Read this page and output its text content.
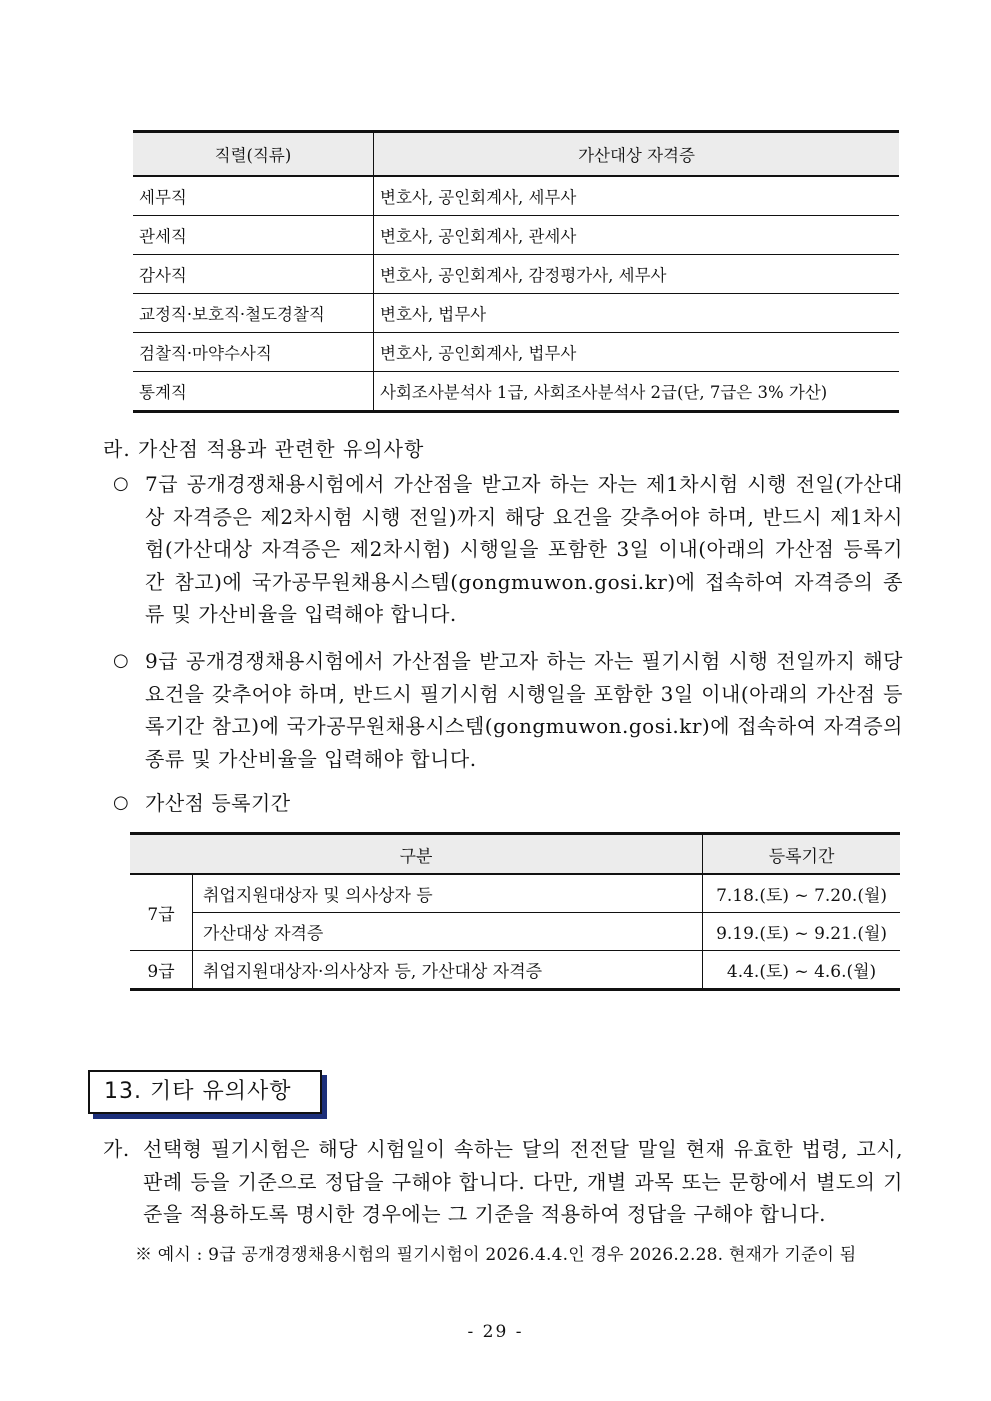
직렬(직류)	가산대상 자격증
세무직	변호사, 공인회계사, 세무사
관세직	변호사, 공인회계사, 관세사
감사직	변호사, 공인회계사, 감정평가사, 세무사
교정직·보호직·철도경찰직	변호사, 법무사
검찰직·마약수사직	변호사, 공인회계사, 법무사
통계직	사회조사분석사 1급, 사회조사분석사 2급(단, 7급은 3% 가산)
라. 가산점 적용과 관련한 유의사항
○ 7급 공개경쟁채용시험에서 가산점을 받고자 하는 자는 제1차시험 시행 전일(가산대상 자격증은 제2차시험 시행 전일)까지 해당 요건을 갖추어야 하며, 반드시 제1차시험(가산대상 자격증은 제2차시험) 시행일을 포함한 3일 이내(아래의 가산점 등록기간 참고)에 국가공무원채용시스템(gongmuwon.gosi.kr)에 접속하여 자격증의 종류 및 가산비율을 입력해야 합니다.
○ 9급 공개경쟁채용시험에서 가산점을 받고자 하는 자는 필기시험 시행 전일까지 해당 요건을 갖추어야 하며, 반드시 필기시험 시행일을 포함한 3일 이내(아래의 가산점 등록기간 참고)에 국가공무원채용시스템(gongmuwon.gosi.kr)에 접속하여 자격증의 종류 및 가산비율을 입력해야 합니다.
○ 가산점 등록기간
구분		등록기간
7급	취업지원대상자 및 의사상자 등	7.18.(토) ~ 7.20.(월)
	가산대상 자격증	9.19.(토) ~ 9.21.(월)
9급	취업지원대상자·의사상자 등, 가산대상 자격증	4.4.(토) ~ 4.6.(월)
13. 기타 유의사항
가. 선택형 필기시험은 해당 시험일이 속하는 달의 전전달 말일 현재 유효한 법령, 고시, 판례 등을 기준으로 정답을 구해야 합니다. 다만, 개별 과목 또는 문항에서 별도의 기준을 적용하도록 명시한 경우에는 그 기준을 적용하여 정답을 구해야 합니다.
※ 예시 : 9급 공개경쟁채용시험의 필기시험이 2026.4.4.인 경우 2026.2.28. 현재가 기준이 됨
- 29 -
